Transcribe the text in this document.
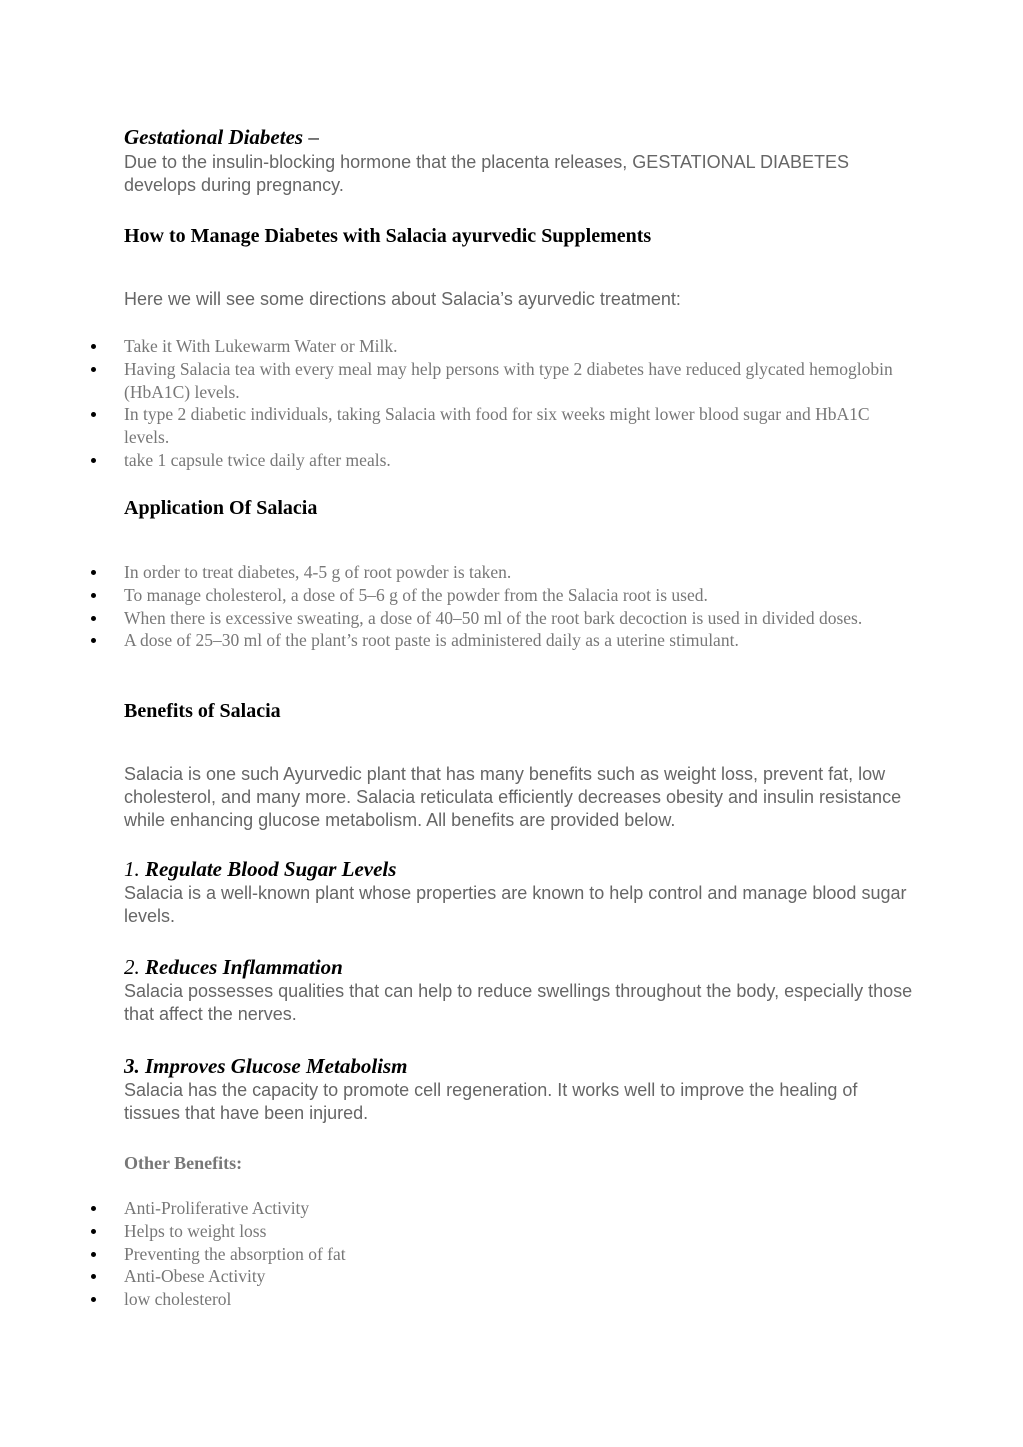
Gestational Diabetes –

Due to the insulin-blocking hormone that the placenta releases, GESTATIONAL DIABETES develops during pregnancy.

How to Manage Diabetes with Salacia ayurvedic Supplements

Here we will see some directions about Salacia’s ayurvedic treatment:

Take it With Lukewarm Water or Milk.
Having Salacia tea with every meal may help persons with type 2 diabetes have reduced glycated hemoglobin (HbA1C) levels.
In type 2 diabetic individuals, taking Salacia with food for six weeks might lower blood sugar and HbA1C levels.
take 1 capsule twice daily after meals.

Application Of Salacia

In order to treat diabetes, 4-5 g of root powder is taken.
To manage cholesterol, a dose of 5–6 g of the powder from the Salacia root is used.
When there is excessive sweating, a dose of 40–50 ml of the root bark decoction is used in divided doses.
A dose of 25–30 ml of the plant’s root paste is administered daily as a uterine stimulant.

Benefits of Salacia

Salacia is one such Ayurvedic plant that has many benefits such as weight loss, prevent fat, low cholesterol, and many more. Salacia reticulata efficiently decreases obesity and insulin resistance while enhancing glucose metabolism. All benefits are provided below.

1. Regulate Blood Sugar Levels

Salacia is a well-known plant whose properties are known to help control and manage blood sugar levels.

2. Reduces Inflammation

Salacia possesses qualities that can help to reduce swellings throughout the body, especially those that affect the nerves.

3. Improves Glucose Metabolism

Salacia has the capacity to promote cell regeneration. It works well to improve the healing of tissues that have been injured.

Other Benefits:

Anti-Proliferative Activity
Helps to weight loss
Preventing the absorption of fat
Anti-Obese Activity
low cholesterol
